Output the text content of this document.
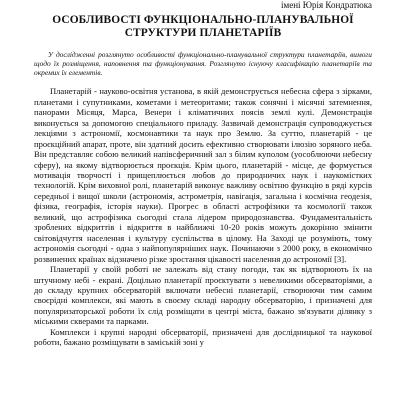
імені Юрія Кондратюка

ОСОБЛИВОСТІ ФУНКЦІОНАЛЬНО-ПЛАНУВАЛЬНОЇ
СТРУКТУРИ ПЛАНЕТАРІЇВ

У дослідженні розглянуто особливості функціонально-планувальної структури планетаріїв, вимоги щодо їх розміщення, наповнення та функціонування. Розглянуто існуючу класифікацію планетаріїв та окремих їх елементів.

Планетарій - науково-освітня установа, в якій демонструється небесна сфера з зірками, планетами і супутниками, кометами і метеоритами; також сонячні і місячні затемнення, панорами Місяця, Марса, Венери і кліматичних поясів землі кулі. Демонстрація виконується за допомогою спеціального приладу. Зазвичай демонстрація супроводжується лекціями з астрономії, космонавтики та наук про Землю. За суттю, планетарій - це проєкційний апарат, проте, він здатний досить ефективно створювати ілюзію зоряного неба. Він представляє собою великий напівсферичний зал з білим куполом (уособлюючи небесну сферу), на якому відтворюється проєкція. Крім цього, планетарій - місце, де формується мотивація творчості і прищеплюється любов до природничих наук і наукомістких технологій. Крім виховної ролі, планетарій виконує важливу освітню функцію в ряді курсів середньої і вищої школи (астрономія, астрометрія, навігація, загальна і космічна геодезія, фізика, географія, історія науки). Прогрес в області астрофізики та космології також великий, що астрофізика сьогодні стала лідером природознавства. Фундаментальність зроблених відкриттів і відкриття в найближчі 10-20 років можуть докорінно змінити світовідчуття населення і культуру суспільства в цілому. На Заході це розуміють, тому астрономія сьогодні - одна з найпопулярніших наук. Починаючи з 2000 року, в економічно розвинених країнах відзначено різке зростання цікавості населення до астрономії [3].

Планетарії у своїй роботі не залежать від стану погоди, так як відтворюють їх на штучному небі - екрані. Доцільно планетарії проєктувати з невеликими обсерваторіями, а до складу крупних обсерваторій включати небесні планетарії, створюючи тим самим своєрідні комплекси, які мають в своєму складі народну обсерваторію, і призначені для популяризаторської роботи їх слід розміщати в центрі міста, бажано зв'язувати ділянку з міськими скверами та парками.

Комплекси і крупні народні обсерваторії, призначені для дослідницької та наукової роботи, бажано розміщувати в заміській зоні у
